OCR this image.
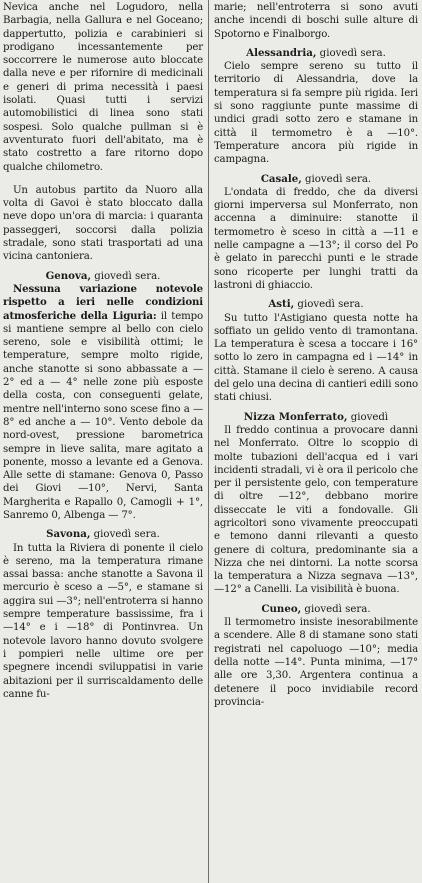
Nevica anche nel Logudoro, nella Barbagia, nella Gallura e nel Goceano; dappertutto, polizia e carabinieri si prodigano incessantemente per soccorrere le numerose auto bloccate dalla neve e per rifornire di medicinali e generi di prima necessità i paesi isolati. Quasi tutti i servizi automobilistici di linea sono stati sospesi. Solo qualche pullman si è avventurato fuori dell'abitato, ma è stato costretto a fare ritorno dopo qualche chilometro.

Un autobus partito da Nuoro alla volta di Gavoi è stato bloccato dalla neve dopo un'ora di marcia: i quaranta passeggeri, soccorsi dalla polizia stradale, sono stati trasportati ad una vicina cantoniera.

Genova, giovedì sera.

Nessuna variazione notevole rispetto a ieri nelle condizioni atmosferiche della Liguria: il tempo si mantiene sempre al bello con cielo sereno, sole e visibilità ottimi; le temperature, sempre molto rigide, anche stanotte si sono abbassate a — 2° ed a — 4° nelle zone più esposte della costa, con conseguenti gelate, mentre nell'interno sono scese fino a — 8° ed anche a — 10°. Vento debole da nord-ovest, pressione barometrica sempre in lieve salita, mare agitato a ponente, mosso a levante ed a Genova. Alle sette di stamane: Genova 0, Passo dei Giovi —10°, Nervi, Santa Margherita e Rapallo 0, Camogli + 1°, Sanremo 0, Albenga — 7°.

Savona, giovedì sera.

In tutta la Riviera di ponente il cielo è sereno, ma la temperatura rimane assai bassa: anche stanotte a Savona il mercurio è sceso a —5°, e stamane si aggira sui —3°; nell'entroterra si hanno sempre temperature bassissime, fra i —14° e i —18° di Pontinvrea. Un notevole lavoro hanno dovuto svolgere i pompieri nelle ultime ore per spegnere incendi sviluppatisi in varie abitazioni per il surriscaldamento delle canne fu-

marie; nell'entroterra si sono avuti anche incendi di boschi sulle alture di Spotorno e Finalborgo.

Alessandria, giovedì sera.

Cielo sempre sereno su tutto il territorio di Alessandria, dove la temperatura si fa sempre più rigida. Ieri si sono raggiunte punte massime di undici gradi sotto zero e stamane in città il termometro è a —10°. Temperature ancora più rigide in campagna.

Casale, giovedì sera.

L'ondata di freddo, che da diversi giorni imperversa sul Monferrato, non accenna a diminuire: stanotte il termometro è sceso in città a —11 e nelle campagne a —13°; il corso del Po è gelato in parecchi punti e le strade sono ricoperte per lunghi tratti da lastroni di ghiaccio.

Asti, giovedì sera.

Su tutto l'Astigiano questa notte ha soffiato un gelido vento di tramontana. La temperatura è scesa a toccare i 16° sotto lo zero in campagna ed i —14° in città. Stamane il cielo è sereno. A causa del gelo una decina di cantieri edili sono stati chiusi.

Nizza Monferrato, giovedì

Il freddo continua a provocare danni nel Monferrato. Oltre lo scoppio di molte tubazioni dell'acqua ed i vari incidenti stradali, vi è ora il pericolo che per il persistente gelo, con temperature di oltre —12°, debbano morire disseccate le viti a fondovalle. Gli agricoltori sono vivamente preoccupati e temono danni rilevanti a questo genere di coltura, predominante sia a Nizza che nei dintorni. La notte scorsa la temperatura a Nizza segnava —13°, —12° a Canelli. La visibilità è buona.

Cuneo, giovedì sera.

Il termometro insiste inesorabilmente a scendere. Alle 8 di stamane sono stati registrati nel capoluogo —10°; media della notte —14°. Punta minima, —17° alle ore 3,30. Argentera continua a detenere il poco invidiabile record provincia-
